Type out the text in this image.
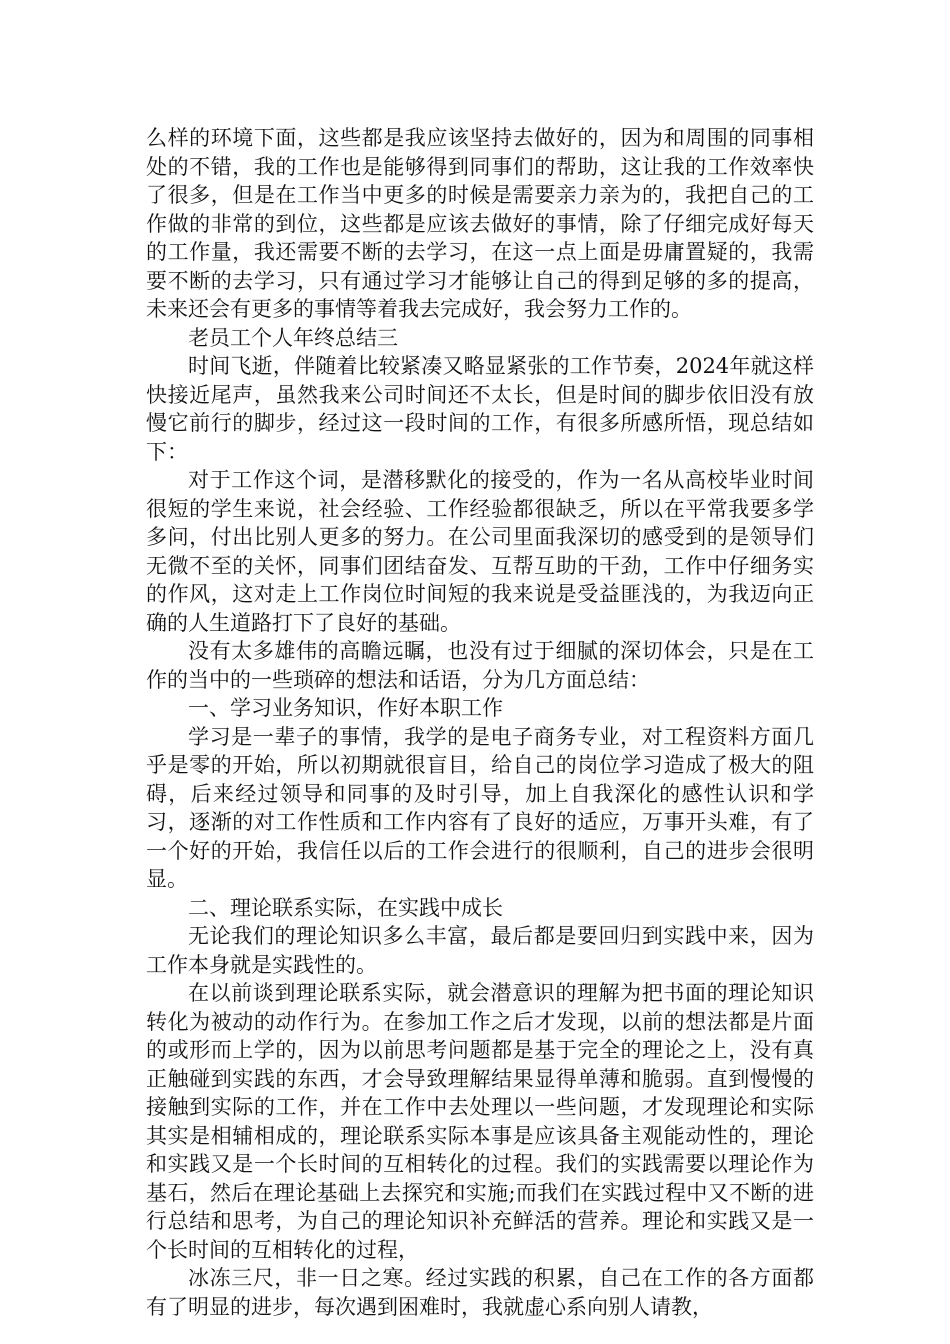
么样的环境下面，这些都是我应该坚持去做好的，因为和周围的同事相处的不错，我的工作也是能够得到同事们的帮助，这让我的工作效率快了很多，但是在工作当中更多的时候是需要亲力亲为的，我把自己的工作做的非常的到位，这些都是应该去做好的事情，除了仔细完成好每天的工作量，我还需要不断的去学习，在这一点上面是毋庸置疑的，我需要不断的去学习，只有通过学习才能够让自己的得到足够的多的提高，未来还会有更多的事情等着我去完成好，我会努力工作的。

老员工个人年终总结三

时间飞逝，伴随着比较紧凑又略显紧张的工作节奏，2024年就这样快接近尾声，虽然我来公司时间还不太长，但是时间的脚步依旧没有放慢它前行的脚步，经过这一段时间的工作，有很多所感所悟，现总结如下：

对于工作这个词，是潜移默化的接受的，作为一名从高校毕业时间很短的学生来说，社会经验、工作经验都很缺乏，所以在平常我要多学多问，付出比别人更多的努力。在公司里面我深切的感受到的是领导们无微不至的关怀，同事们团结奋发、互帮互助的干劲，工作中仔细务实的作风，这对走上工作岗位时间短的我来说是受益匪浅的，为我迈向正确的人生道路打下了良好的基础。

没有太多雄伟的高瞻远瞩，也没有过于细腻的深切体会，只是在工作的当中的一些琐碎的想法和话语，分为几方面总结：

一、学习业务知识，作好本职工作

学习是一辈子的事情，我学的是电子商务专业，对工程资料方面几乎是零的开始，所以初期就很盲目，给自己的岗位学习造成了极大的阻碍，后来经过领导和同事的及时引导，加上自我深化的感性认识和学习，逐渐的对工作性质和工作内容有了良好的适应，万事开头难，有了一个好的开始，我信任以后的工作会进行的很顺利，自己的进步会很明显。

二、理论联系实际，在实践中成长

无论我们的理论知识多么丰富，最后都是要回归到实践中来，因为工作本身就是实践性的。

在以前谈到理论联系实际，就会潜意识的理解为把书面的理论知识转化为被动的动作行为。在参加工作之后才发现，以前的想法都是片面的或形而上学的，因为以前思考问题都是基于完全的理论之上，没有真正触碰到实践的东西，才会导致理解结果显得单薄和脆弱。直到慢慢的接触到实际的工作，并在工作中去处理以一些问题，才发现理论和实际其实是相辅相成的，理论联系实际本事是应该具备主观能动性的，理论和实践又是一个长时间的互相转化的过程。我们的实践需要以理论作为基石，然后在理论基础上去探究和实施;而我们在实践过程中又不断的进行总结和思考，为自己的理论知识补充鲜活的营养。理论和实践又是一个长时间的互相转化的过程，

冰冻三尺，非一日之寒。经过实践的积累，自己在工作的各方面都有了明显的进步，每次遇到困难时，我就虚心系向别人请教，
